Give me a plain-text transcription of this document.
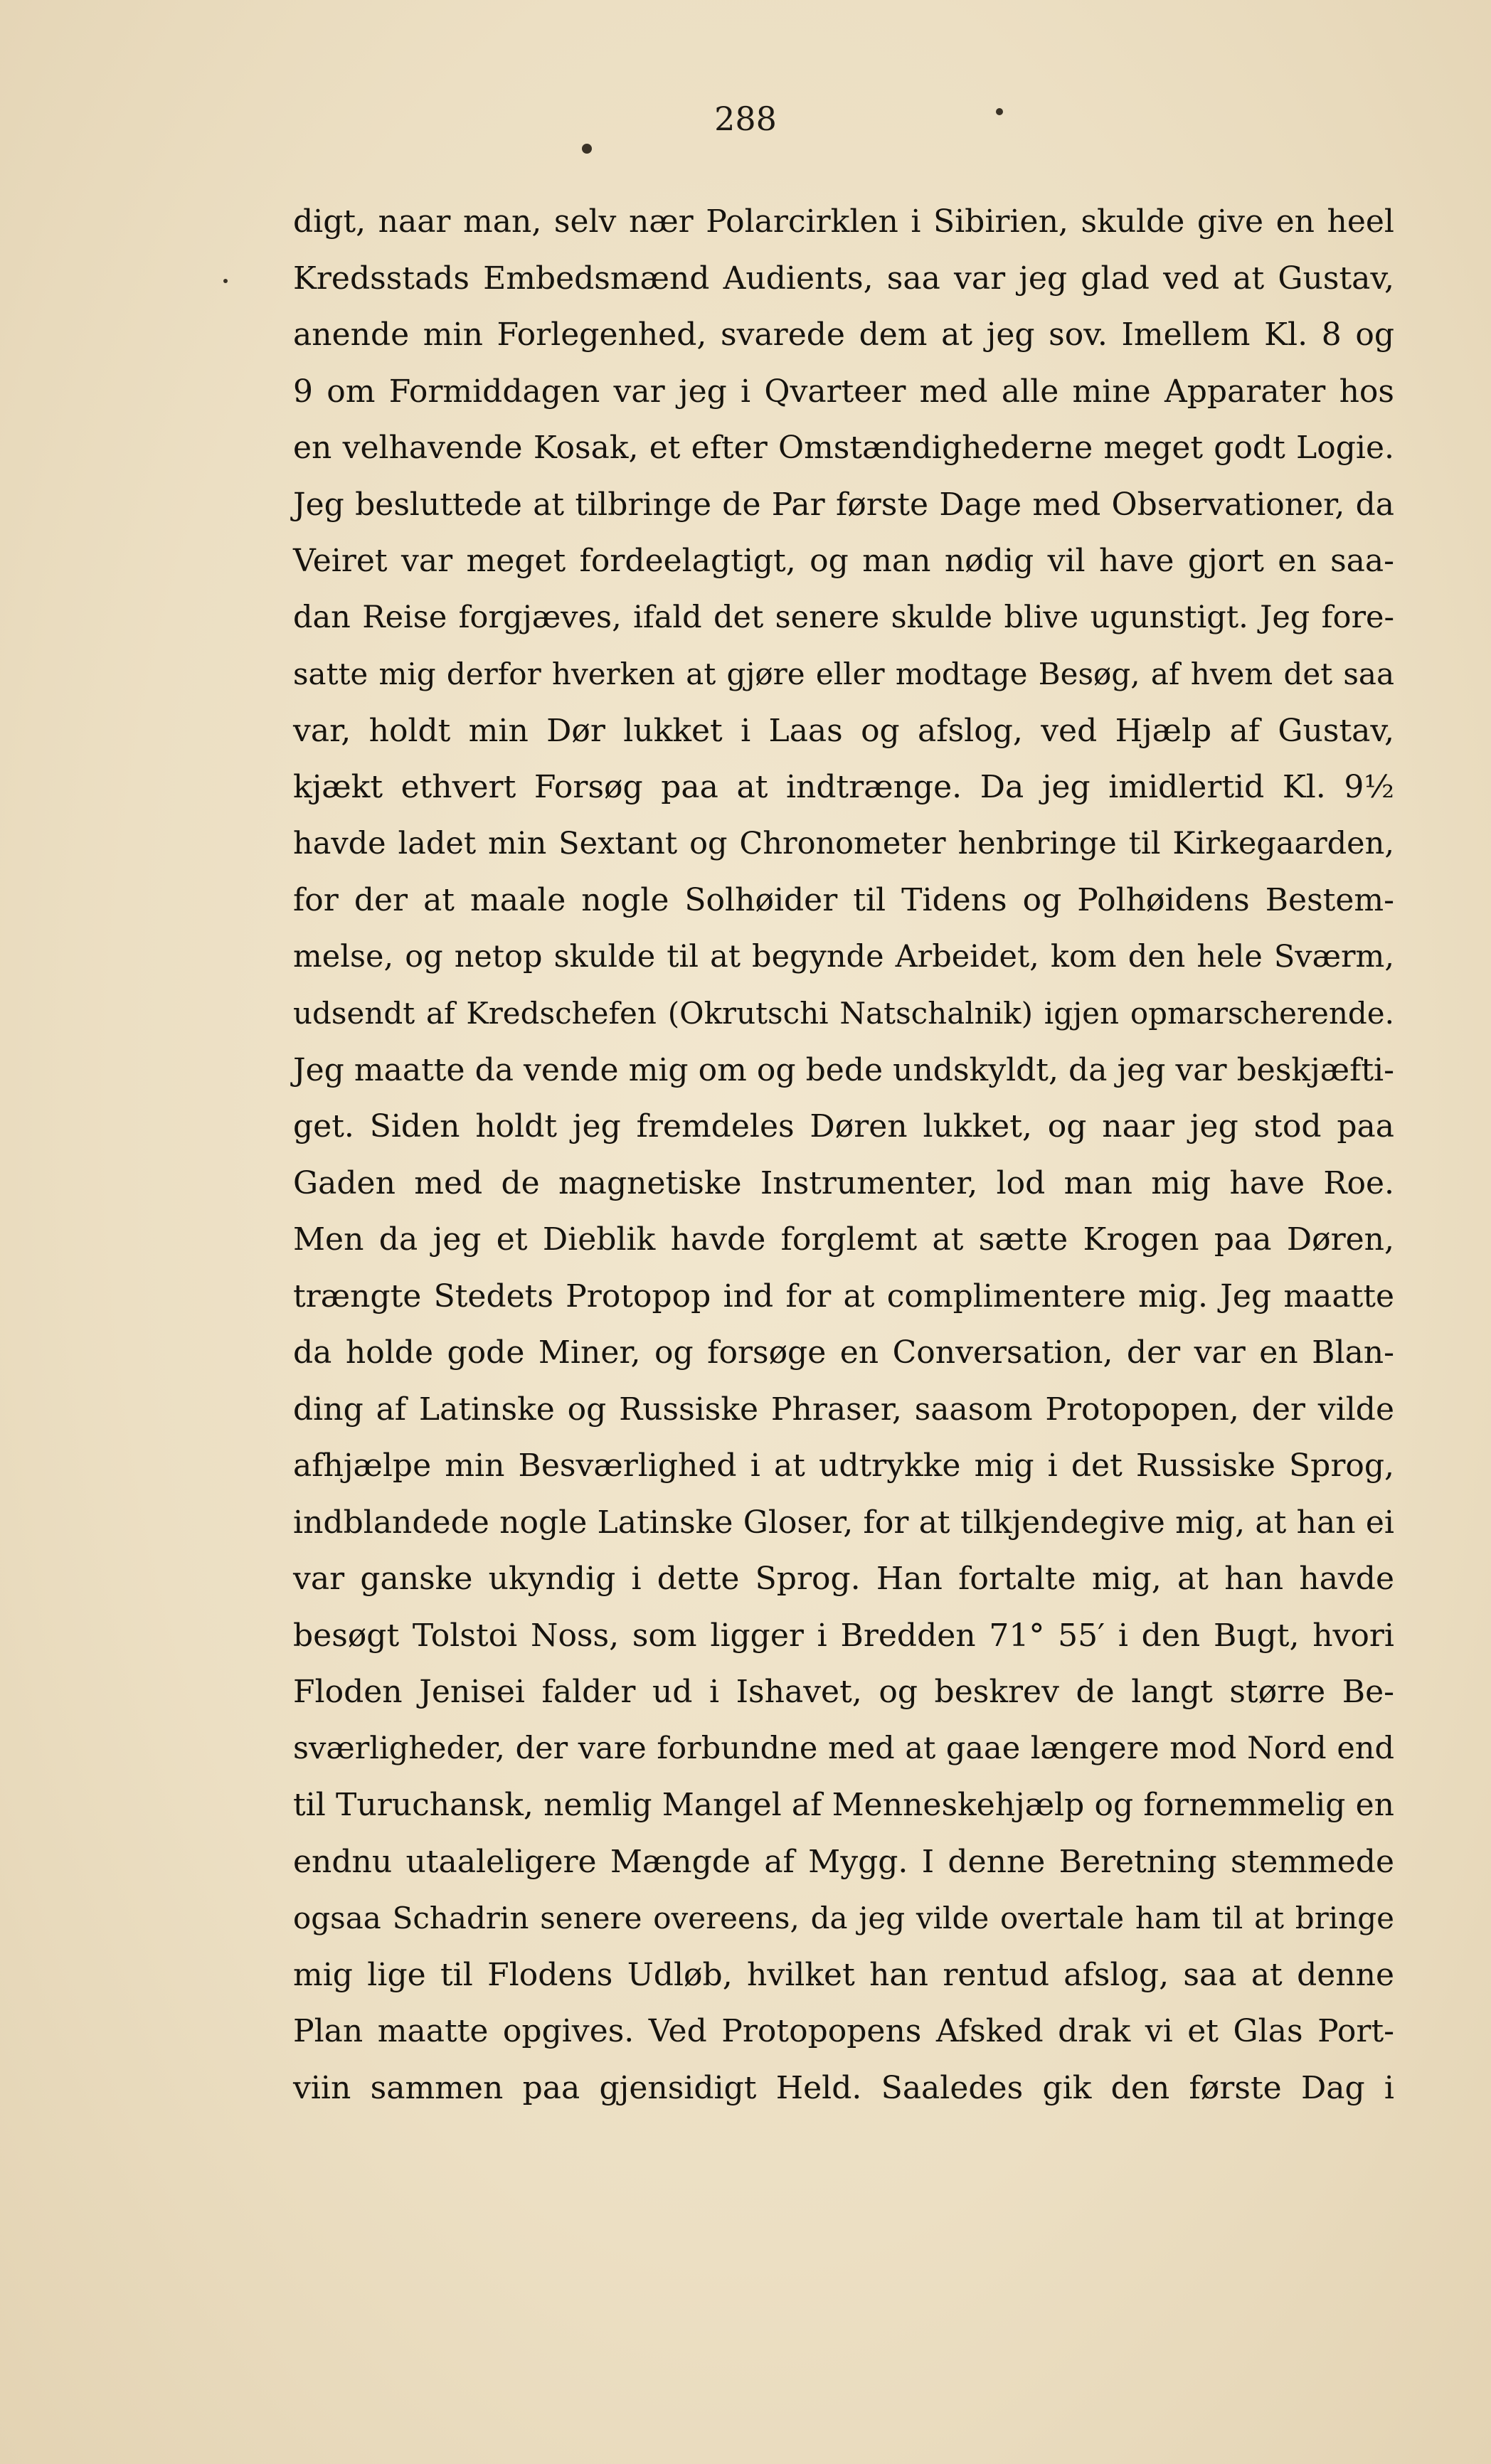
288
digt, naar man, selv nær Polarcirklen i Sibirien, skulde give en heel
Kredsstads Embedsmænd Audients, saa var jeg glad ved at Gustav,
anende min Forlegenhed, svarede dem at jeg sov. Imellem Kl. 8 og
9 om Formiddagen var jeg i Qvarteer med alle mine Apparater hos
en velhavende Kosak, et efter Omstændighederne meget godt Logie.
Jeg besluttede at tilbringe de Par første Dage med Observationer, da
Veiret var meget fordeelagtigt, og man nødig vil have gjort en saa-
dan Reise forgjæves, ifald det senere skulde blive ugunstigt. Jeg fore-
satte mig derfor hverken at gjøre eller modtage Besøg, af hvem det saa
var, holdt min Dør lukket i Laas og afslog, ved Hjælp af Gustav,
kjækt ethvert Forsøg paa at indtrænge. Da jeg imidlertid Kl. 9½
havde ladet min Sextant og Chronometer henbringe til Kirkegaarden,
for der at maale nogle Solhøider til Tidens og Polhøidens Bestem-
melse, og netop skulde til at begynde Arbeidet, kom den hele Sværm,
udsendt af Kredschefen (Okrutschi Natschalnik) igjen opmarscherende.
Jeg maatte da vende mig om og bede undskyldt, da jeg var beskjæfti-
get. Siden holdt jeg fremdeles Døren lukket, og naar jeg stod paa
Gaden med de magnetiske Instrumenter, lod man mig have Roe.
Men da jeg et Dieblik havde forglemt at sætte Krogen paa Døren,
trængte Stedets Protopop ind for at complimentere mig. Jeg maatte
da holde gode Miner, og forsøge en Conversation, der var en Blan-
ding af Latinske og Russiske Phraser, saasom Protopopen, der vilde
afhjælpe min Besværlighed i at udtrykke mig i det Russiske Sprog,
indblandede nogle Latinske Gloser, for at tilkjendegive mig, at han ei
var ganske ukyndig i dette Sprog. Han fortalte mig, at han havde
besøgt Tolstoi Noss, som ligger i Bredden 71° 55′ i den Bugt, hvori
Floden Jenisei falder ud i Ishavet, og beskrev de langt større Be-
sværligheder, der vare forbundne med at gaae længere mod Nord end
til Turuchansk, nemlig Mangel af Menneskehjælp og fornemmelig en
endnu utaaleligere Mængde af Mygg. I denne Beretning stemmede
ogsaa Schadrin senere overeens, da jeg vilde overtale ham til at bringe
mig lige til Flodens Udløb, hvilket han rentud afslog, saa at denne
Plan maatte opgives. Ved Protopopens Afsked drak vi et Glas Port-
viin sammen paa gjensidigt Held. Saaledes gik den første Dag i
